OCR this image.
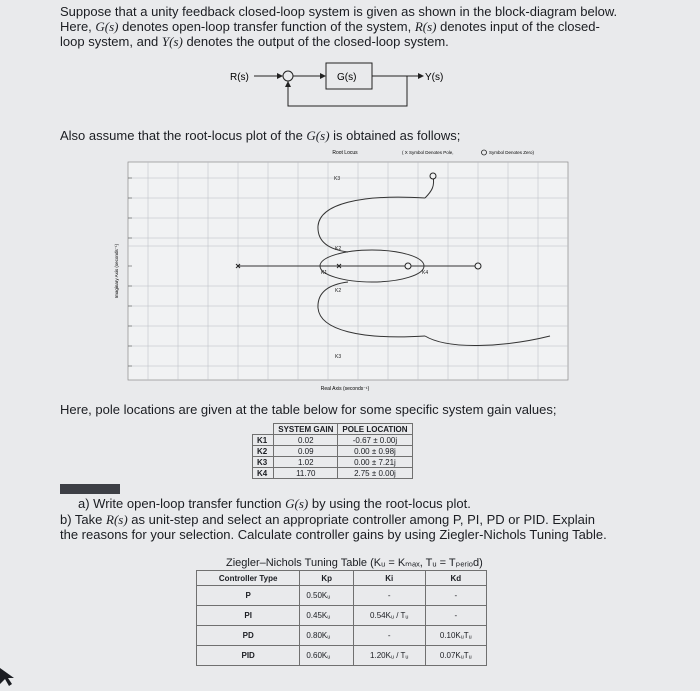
Suppose that a unity feedback closed-loop system is given as shown in the block-diagram below.
Here, G(s) denotes open-loop transfer function of the system, R(s) denotes input of the closed-
loop system, and Y(s) denotes the output of the closed-loop system.
R(s)	G(s)	Y(s)
Also assume that the root-locus plot of the G(s) is obtained as follows;
Root Locus	( X Symbol Denotes Pole,	Symbol Denotes Zero)
K3
K2
K1
K2
K4
K3
Real Axis (seconds⁻¹)
Imaginary Axis (seconds⁻¹)
Here, pole locations are given at the table below for some specific system gain values;
	SYSTEM GAIN	POLE LOCATION
K1	0.02	-0.67 ± 0.00j
K2	0.09	0.00 ± 0.98j
K3	1.02	0.00 ± 7.21j
K4	11.70	2.75 ± 0.00j
a) Write open-loop transfer function G(s) by using the root-locus plot.
b) Take R(s) as unit-step and select an appropriate controller among P, PI, PD or PID. Explain
the reasons for your selection. Calculate controller gains by using Ziegler-Nichols Tuning Table.
Ziegler–Nichols Tuning Table (Kᵤ = Kₘₐₓ, Tᵤ = Tₚₑᵣᵢₒd)
Controller Type	Kp	Ki	Kd
P	0.50Kᵤ	-	-
PI	0.45Kᵤ	0.54Kᵤ / Tᵤ	-
PD	0.80Kᵤ	-	0.10KᵤTᵤ
PID	0.60Kᵤ	1.20Kᵤ / Tᵤ	0.07KᵤTᵤ
